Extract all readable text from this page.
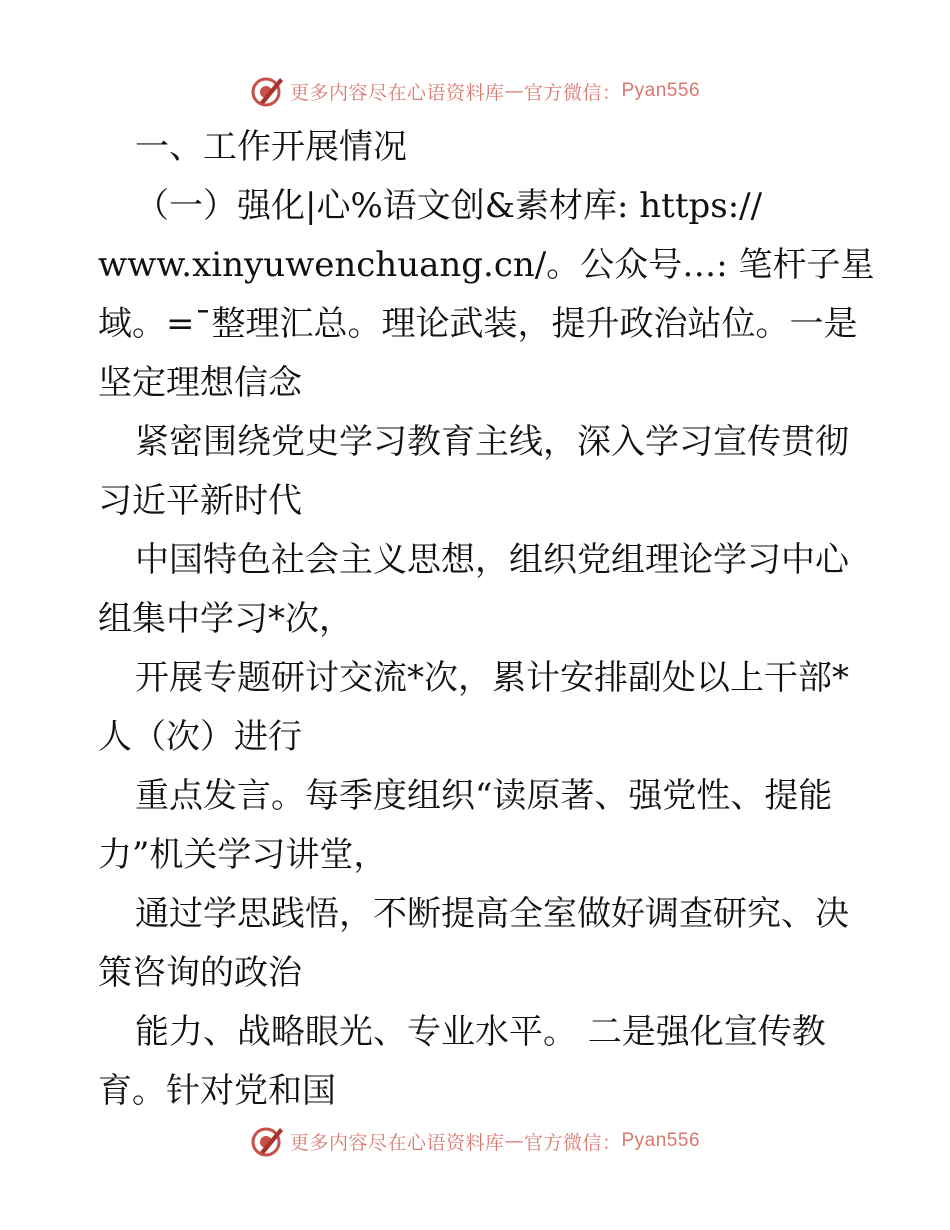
更多内容尽在心语资料库 — 官方微信： Pyan556
一、工作开展情况
（一）强化|心%语文创&素材库: https://
www.xinyuwenchuang.cn/。公众号…: 笔杆子星
域。=¯整理汇总。理论武装，提升政治站位。一是
坚定理想信念
紧密围绕党史学习教育主线，深入学习宣传贯彻
习近平新时代
中国特色社会主义思想，组织党组理论学习中心
组集中学习*次，
开展专题研讨交流*次，累计安排副处以上干部*
人（次）进行
重点发言。每季度组织“读原著、强党性、提能
力”机关学习讲堂，
通过学思践悟，不断提高全室做好调查研究、决
策咨询的政治
能力、战略眼光、专业水平。 二是强化宣传教
育。针对党和国
更多内容尽在心语资料库 — 官方微信： Pyan556
